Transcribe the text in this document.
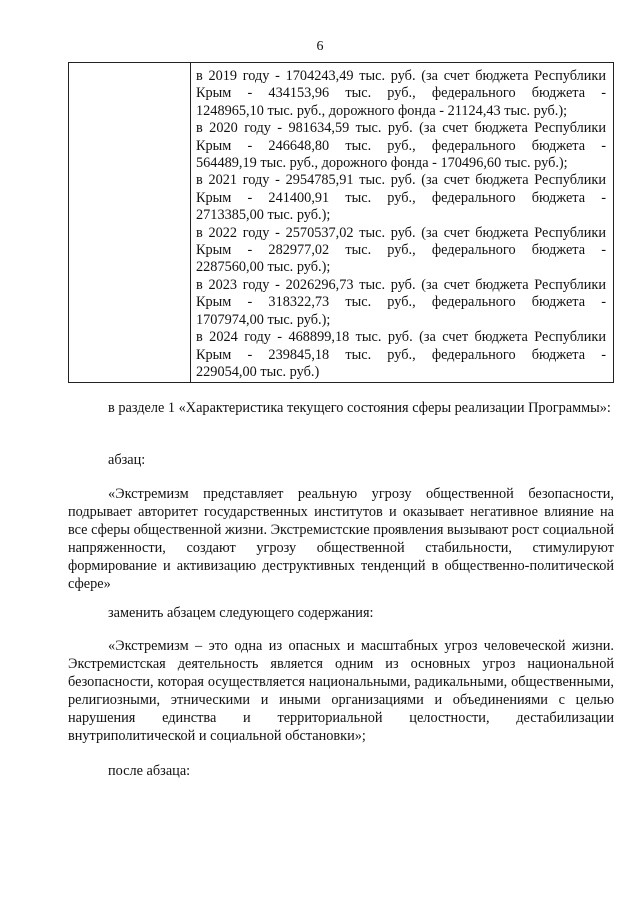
6
в 2019 году - 1704243,49 тыс. руб. (за счет бюджета Республики
Крым - 434153,96 тыс. руб., федерального бюджета -
1248965,10 тыс. руб., дорожного фонда - 21124,43 тыс. руб.);
в 2020 году - 981634,59 тыс. руб. (за счет бюджета Республики
Крым - 246648,80 тыс. руб., федерального бюджета -
564489,19 тыс. руб., дорожного фонда - 170496,60 тыс. руб.);
в 2021 году - 2954785,91 тыс. руб. (за счет бюджета Республики
Крым - 241400,91 тыс. руб., федерального бюджета -
2713385,00 тыс. руб.);
в 2022 году - 2570537,02 тыс. руб. (за счет бюджета Республики
Крым - 282977,02 тыс. руб., федерального бюджета -
2287560,00 тыс. руб.);
в 2023 году - 2026296,73 тыс. руб. (за счет бюджета Республики
Крым - 318322,73 тыс. руб., федерального бюджета -
1707974,00 тыс. руб.);
в 2024 году - 468899,18 тыс. руб. (за счет бюджета Республики
Крым - 239845,18 тыс. руб., федерального бюджета -
229054,00 тыс. руб.)
в разделе 1 «Характеристика текущего состояния сферы реализации Программы»:
абзац:
«Экстремизм представляет реальную угрозу общественной безопасности, подрывает авторитет государственных институтов и оказывает негативное влияние на все сферы общественной жизни. Экстремистские проявления вызывают рост социальной напряженности, создают угрозу общественной стабильности, стимулируют формирование и активизацию деструктивных тенденций в общественно-политической сфере»
заменить абзацем следующего содержания:
«Экстремизм – это одна из опасных и масштабных угроз человеческой жизни. Экстремистская деятельность является одним из основных угроз национальной безопасности, которая осуществляется национальными, радикальными, общественными, религиозными, этническими и иными организациями и объединениями с целью нарушения единства и территориальной целостности, дестабилизации внутриполитической и социальной обстановки»;
после абзаца:
